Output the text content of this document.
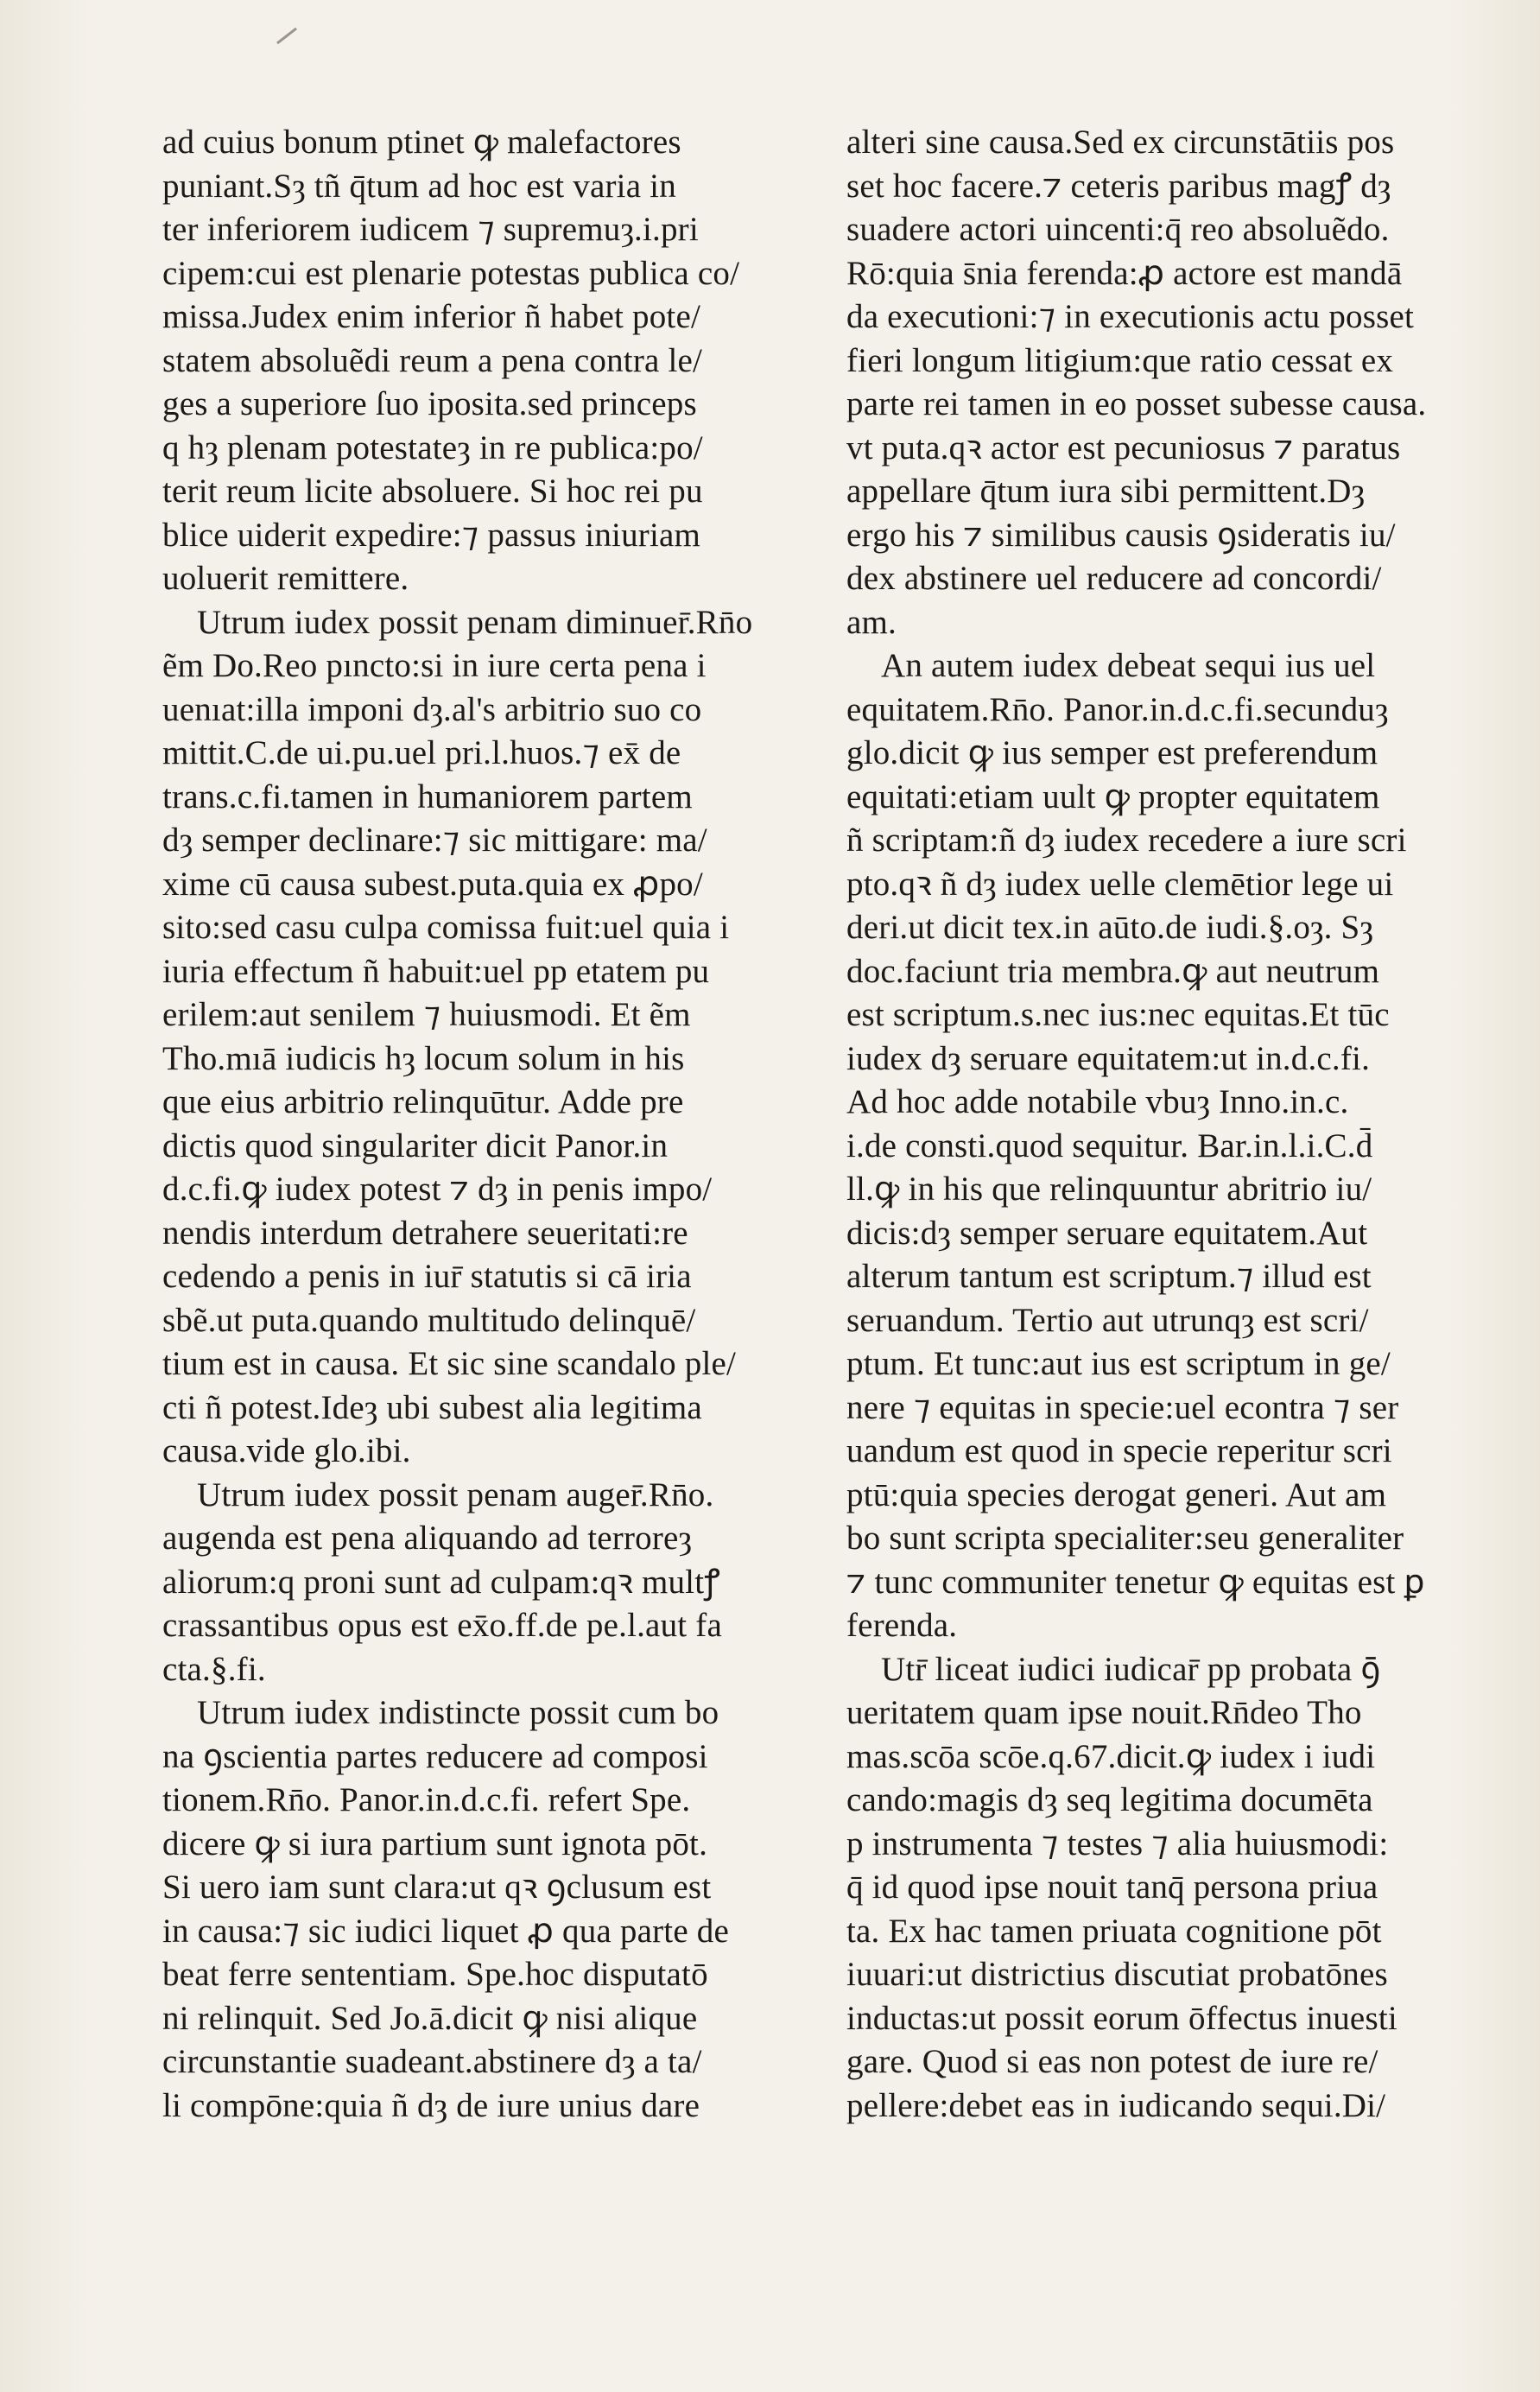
ad cuius bonum ptinet ꝙ malefactores
puniant.Sȝ tñ q̄tum ad hoc est varia in
ter inferiorem iudicem ⁊ supremuȝ.i.pri
cipem:cui est plenarie potestas publica co/
missa.Judex enim inferior ñ habet pote/
statem absoluẽdi reum a pena contra le/
ges a superiore ſuo iposita.sed princeps
q hȝ plenam potestateȝ in re publica:po/
terit reum licite absoluere. Si hoc rei pu
blice uiderit expedire:⁊ passus iniuriam
uoluerit remittere.
Utrum iudex possit penam diminuer̄.Rn̄o
ẽm Do.Reo pıncto:si in iure certa pena i
uenıat:illa imponi dȝ.al's arbitrio suo co
mittit.C.de ui.pu.uel pri.l.huos.⁊ ex̄ de
trans.c.fi.tamen in humaniorem partem
dȝ semper declinare:⁊ sic mittigare: ma/
xime cū causa subest.puta.quia ex ꝓpo/
sito:sed casu culpa comissa fuit:uel quia i
iuria effectum ñ habuit:uel pp etatem pu
erilem:aut senilem ⁊ huiusmodi. Et ẽm
Tho.mıā iudicis hȝ locum solum in his
que eius arbitrio relinquūtur. Adde pre
dictis quod singulariter dicit Panor.in
d.c.fi.ꝙ iudex potest ⁊ dȝ in penis impo/
nendis interdum detrahere seueritati:re
cedendo a penis in iur̄ statutis si cā iria
sbẽ.ut puta.quando multitudo delinquē/
tium est in causa. Et sic sine scandalo ple/
cti ñ potest.Ideȝ ubi subest alia legitima
causa.vide glo.ibi.
Utrum iudex possit penam auger̄.Rn̄o.
augenda est pena aliquando ad terroreȝ
aliorum:q proni sunt ad culpam:qꝛ multꝭ
crassantibus opus est ex̄o.ff.de pe.l.aut fa
cta.§.fi.
Utrum iudex indistincte possit cum bo
na ꝯscientia partes reducere ad composi
tionem.Rn̄o. Panor.in.d.c.fi. refert Spe.
dicere ꝙ si iura partium sunt ignota pōt.
Si uero iam sunt clara:ut qꝛ ꝯclusum est
in causa:⁊ sic iudici liquet ꝓ qua parte de
beat ferre sententiam. Spe.hoc disputatō
ni relinquit. Sed Jo.ā.dicit ꝙ nisi alique
circunstantie suadeant.abstinere dȝ a ta/
li compōne:quia ñ dȝ de iure unius dare
alteri sine causa.Sed ex circunstātiis pos
set hoc facere.⁊ ceteris paribus magꝭ dȝ
suadere actori uincenti:q̄ reo absoluẽdo.
Rō:quia s̄nia ferenda:ꝓ actore est mandā
da executioni:⁊ in executionis actu posset
fieri longum litigium:que ratio cessat ex
parte rei tamen in eo posset subesse causa.
vt puta.qꝛ actor est pecuniosus ⁊ paratus
appellare q̄tum iura sibi permittent.Dȝ
ergo his ⁊ similibus causis ꝯsideratis iu/
dex abstinere uel reducere ad concordi/
am.
An autem iudex debeat sequi ius uel
equitatem.Rn̄o. Panor.in.d.c.fi.secunduȝ
glo.dicit ꝙ ius semper est preferendum
equitati:etiam uult ꝙ propter equitatem
ñ scriptam:ñ dȝ iudex recedere a iure scri
pto.qꝛ ñ dȝ iudex uelle clemētior lege ui
deri.ut dicit tex.in aūto.de iudi.§.oȝ. Sȝ
doc.faciunt tria membra.ꝙ aut neutrum
est scriptum.s.nec ius:nec equitas.Et tūc
iudex dȝ seruare equitatem:ut in.d.c.fi.
Ad hoc adde notabile vbuȝ Inno.in.c.
i.de consti.quod sequitur. Bar.in.l.i.C.d̄
ll.ꝙ in his que relinquuntur abritrio iu/
dicis:dȝ semper seruare equitatem.Aut
alterum tantum est scriptum.⁊ illud est
seruandum. Tertio aut utrunqȝ est scri/
ptum. Et tunc:aut ius est scriptum in ge/
nere ⁊ equitas in specie:uel econtra ⁊ ser
uandum est quod in specie reperitur scri
ptū:quia species derogat generi. Aut am
bo sunt scripta specialiter:seu generaliter
⁊ tunc communiter tenetur ꝙ equitas est ꝑ
ferenda.
Utr̄ liceat iudici iudicar̄ pp probata ꝯ̄
ueritatem quam ipse nouit.Rn̄deo Tho
mas.scōa scōe.q.67.dicit.ꝙ iudex i iudi
cando:magis dȝ seq legitima documēta
p instrumenta ⁊ testes ⁊ alia huiusmodi:
q̄ id quod ipse nouit tanq̄ persona priua
ta. Ex hac tamen priuata cognitione pōt
iuuari:ut districtius discutiat probatōnes
inductas:ut possit eorum ōffectus inuesti
gare. Quod si eas non potest de iure re/
pellere:debet eas in iudicando sequi.Di/
